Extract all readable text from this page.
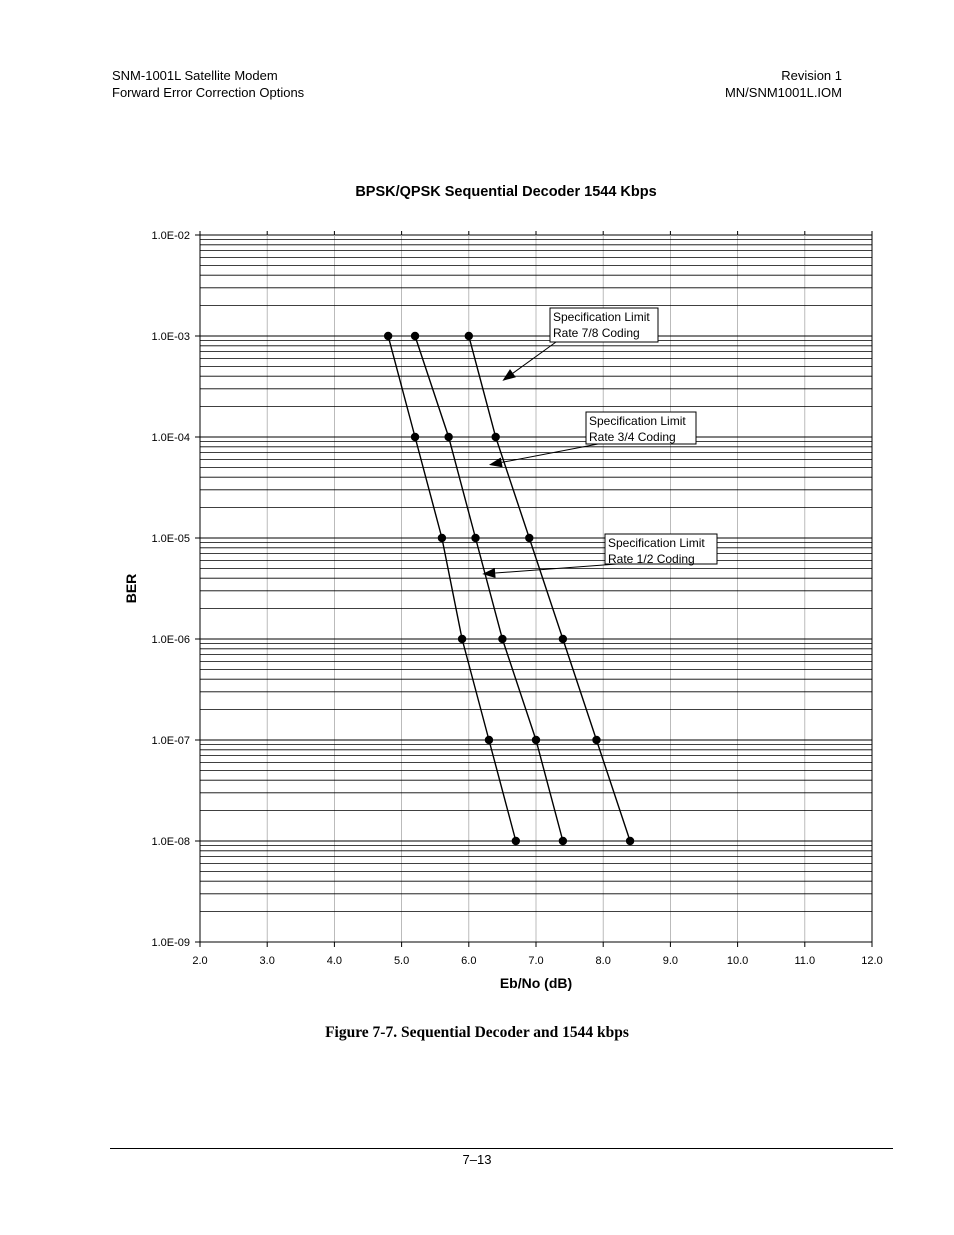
SNM-1001L Satellite Modem
Forward Error Correction Options
Revision 1
MN/SNM1001L.IOM
BPSK/QPSK Sequential Decoder 1544 Kbps
2.0	3.0	4.0	5.0	6.0	7.0	8.0	9.0	10.0	11.0	12.0
1.0E-02
1.0E-03
1.0E-04
1.0E-05
1.0E-06
1.0E-07
1.0E-08
1.0E-09
Eb/No (dB)
BER
Specification Limit
Rate 7/8 Coding
Specification Limit
Rate 3/4 Coding
Specification Limit
Rate 1/2 Coding
Figure 7-7. Sequential Decoder and 1544 kbps
7–13
